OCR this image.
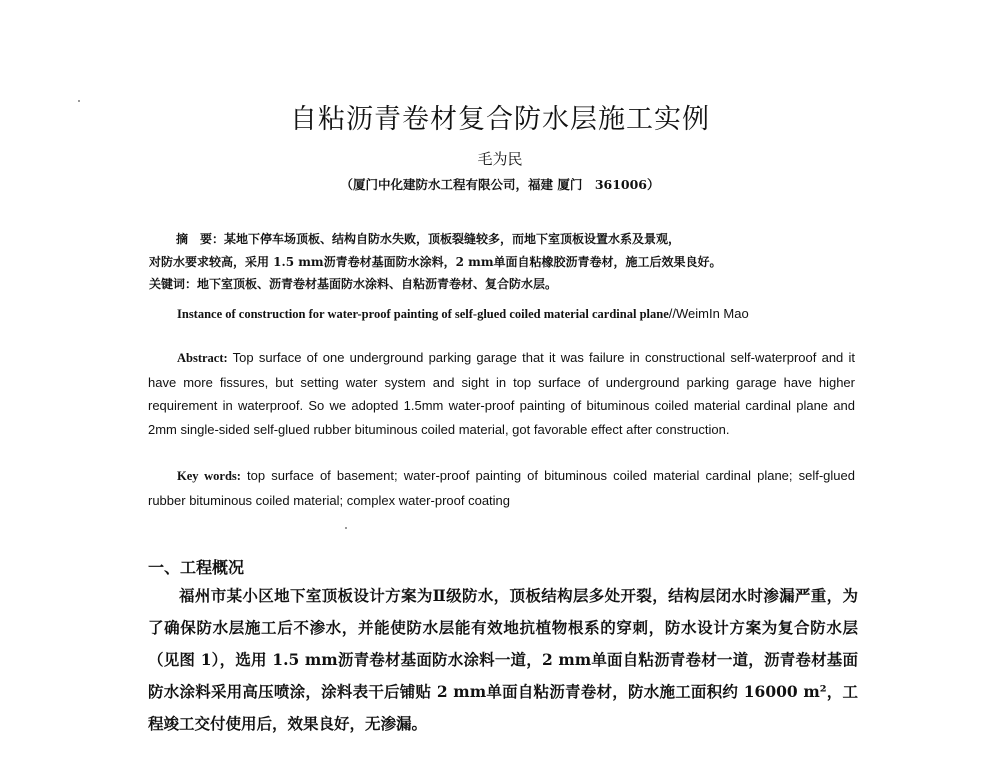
自粘沥青卷材复合防水层施工实例
毛为民
（厦门中化建防水工程有限公司，福建 厦门　361006）

摘　要：某地下停车场顶板、结构自防水失败，顶板裂缝较多，而地下室顶板设置水系及景观，

对防水要求较高，采用 1.5 mm沥青卷材基面防水涂料，2 mm单面自粘橡胶沥青卷材，施工后效果良好。

关键词：地下室顶板、沥青卷材基面防水涂料、自粘沥青卷材、复合防水层。

Instance of construction for water-proof painting of self-glued coiled material cardinal plane//WeimIn Mao
Abstract: Top surface of one underground parking garage that it was failure in constructional self-waterproof and it have more fissures, but setting water system and sight in top surface of underground parking garage have higher requirement in waterproof. So we adopted 1.5mm water-proof painting of bituminous coiled material cardinal plane and 2mm single-sided self-glued rubber bituminous coiled material, got favorable effect after construction.
Key words: top surface of basement; water-proof painting of bituminous coiled material cardinal plane; self-glued rubber bituminous coiled material; complex water-proof coating
一、工程概况

福州市某小区地下室顶板设计方案为Ⅱ级防水，顶板结构层多处开裂，结构层闭水时渗漏严重，为了确保防水层施工后不渗水，并能使防水层能有效地抗植物根系的穿刺，防水设计方案为复合防水层（见图 1），选用 1.5 mm沥青卷材基面防水涂料一道，2 mm单面自粘沥青卷材一道，沥青卷材基面防水涂料采用高压喷涂，涂料表干后铺贴 2 mm单面自粘沥青卷材，防水施工面积约 16000 m²，工程竣工交付使用后，效果良好，无渗漏。
